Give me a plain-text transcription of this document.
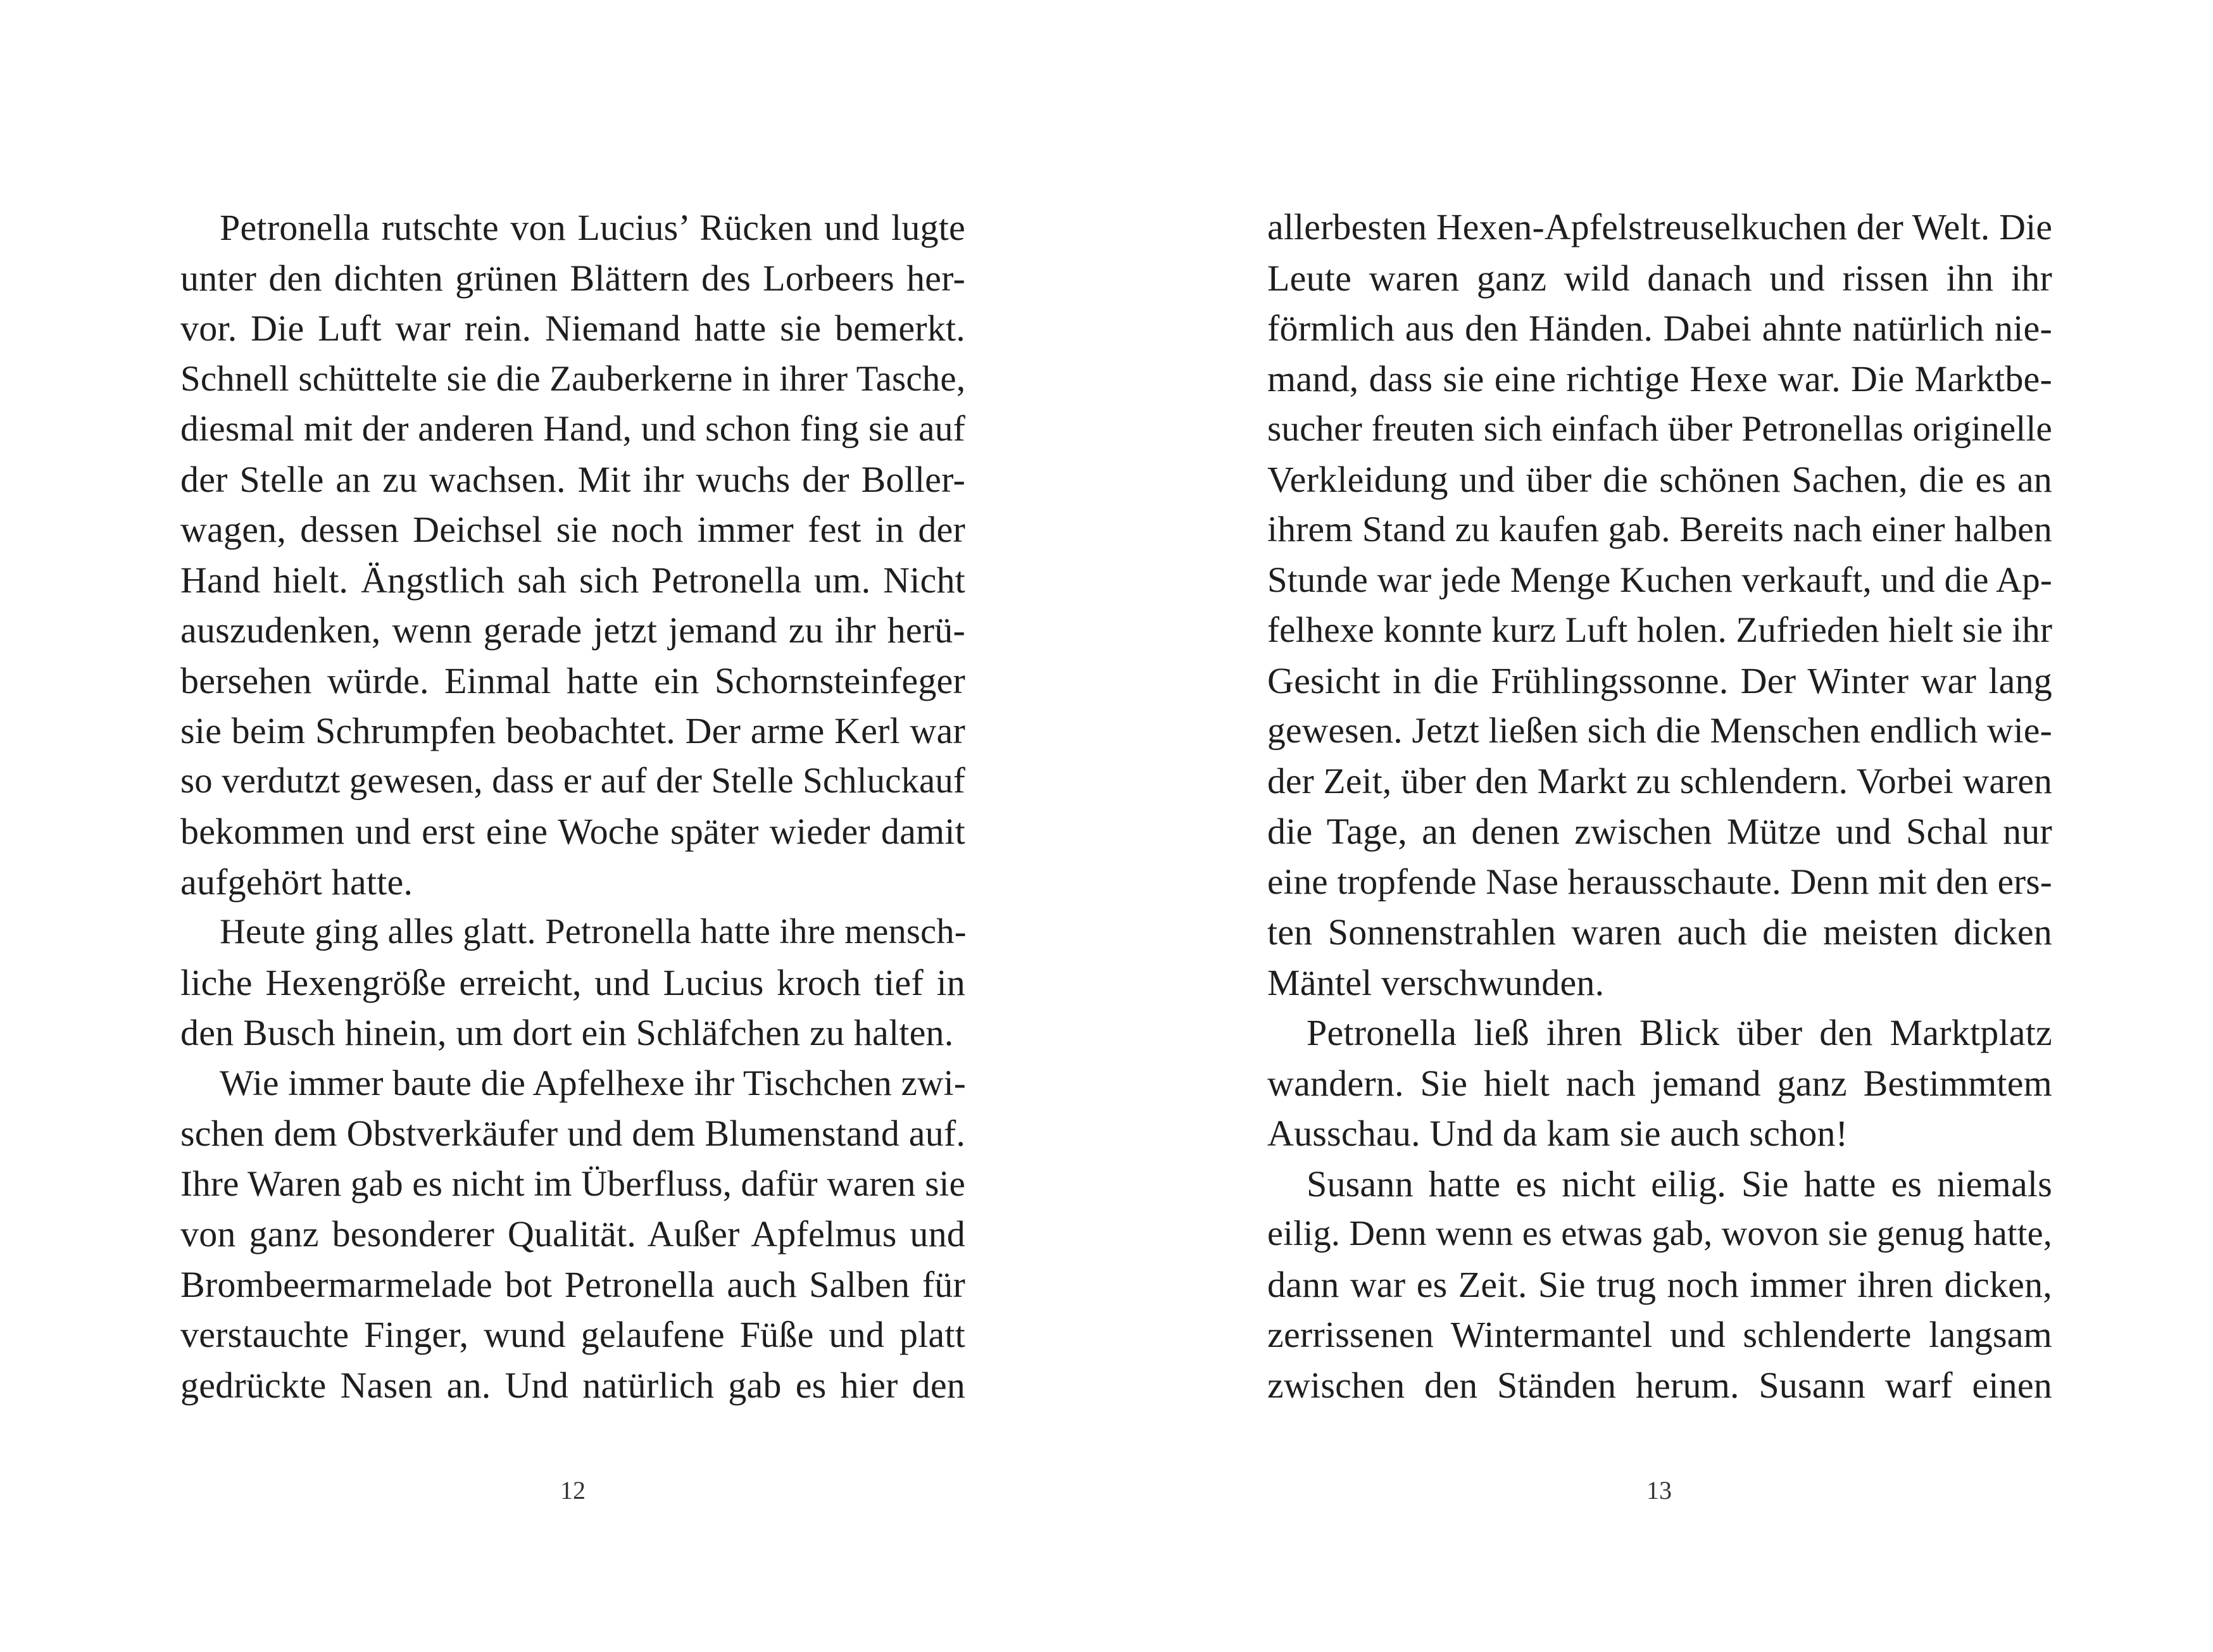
Petronella rutschte von Lucius’ Rücken und lugte
unter den dichten grünen Blättern des Lorbeers her-
vor. Die Luft war rein. Niemand hatte sie bemerkt.
Schnell schüttelte sie die Zauberkerne in ihrer Tasche,
diesmal mit der anderen Hand, und schon fing sie auf
der Stelle an zu wachsen. Mit ihr wuchs der Boller-
wagen, dessen Deichsel sie noch immer fest in der
Hand hielt. Ängstlich sah sich Petronella um. Nicht
auszudenken, wenn gerade jetzt jemand zu ihr herü-
bersehen würde. Einmal hatte ein Schornsteinfeger
sie beim Schrumpfen beobachtet. Der arme Kerl war
so verdutzt gewesen, dass er auf der Stelle Schluckauf
bekommen und erst eine Woche später wieder damit
aufgehört hatte.
Heute ging alles glatt. Petronella hatte ihre mensch-
liche Hexengröße erreicht, und Lucius kroch tief in
den Busch hinein, um dort ein Schläfchen zu halten.
Wie immer baute die Apfelhexe ihr Tischchen zwi-
schen dem Obstverkäufer und dem Blumenstand auf.
Ihre Waren gab es nicht im Überfluss, dafür waren sie
von ganz besonderer Qualität. Außer Apfelmus und
Brombeermarmelade bot Petronella auch Salben für
verstauchte Finger, wund gelaufene Füße und platt
gedrückte Nasen an. Und natürlich gab es hier den
12
allerbesten Hexen-Apfelstreuselkuchen der Welt. Die
Leute waren ganz wild danach und rissen ihn ihr
förmlich aus den Händen. Dabei ahnte natürlich nie-
mand, dass sie eine richtige Hexe war. Die Marktbe-
sucher freuten sich einfach über Petronellas originelle
Verkleidung und über die schönen Sachen, die es an
ihrem Stand zu kaufen gab. Bereits nach einer halben
Stunde war jede Menge Kuchen verkauft, und die Ap-
felhexe konnte kurz Luft holen. Zufrieden hielt sie ihr
Gesicht in die Frühlingssonne. Der Winter war lang
gewesen. Jetzt ließen sich die Menschen endlich wie-
der Zeit, über den Markt zu schlendern. Vorbei waren
die Tage, an denen zwischen Mütze und Schal nur
eine tropfende Nase herausschaute. Denn mit den ers-
ten Sonnenstrahlen waren auch die meisten dicken
Mäntel verschwunden.
Petronella ließ ihren Blick über den Marktplatz
wandern. Sie hielt nach jemand ganz Bestimmtem
Ausschau. Und da kam sie auch schon!
Susann hatte es nicht eilig. Sie hatte es niemals
eilig. Denn wenn es etwas gab, wovon sie genug hatte,
dann war es Zeit. Sie trug noch immer ihren dicken,
zerrissenen Wintermantel und schlenderte langsam
zwischen den Ständen herum. Susann warf einen
13
